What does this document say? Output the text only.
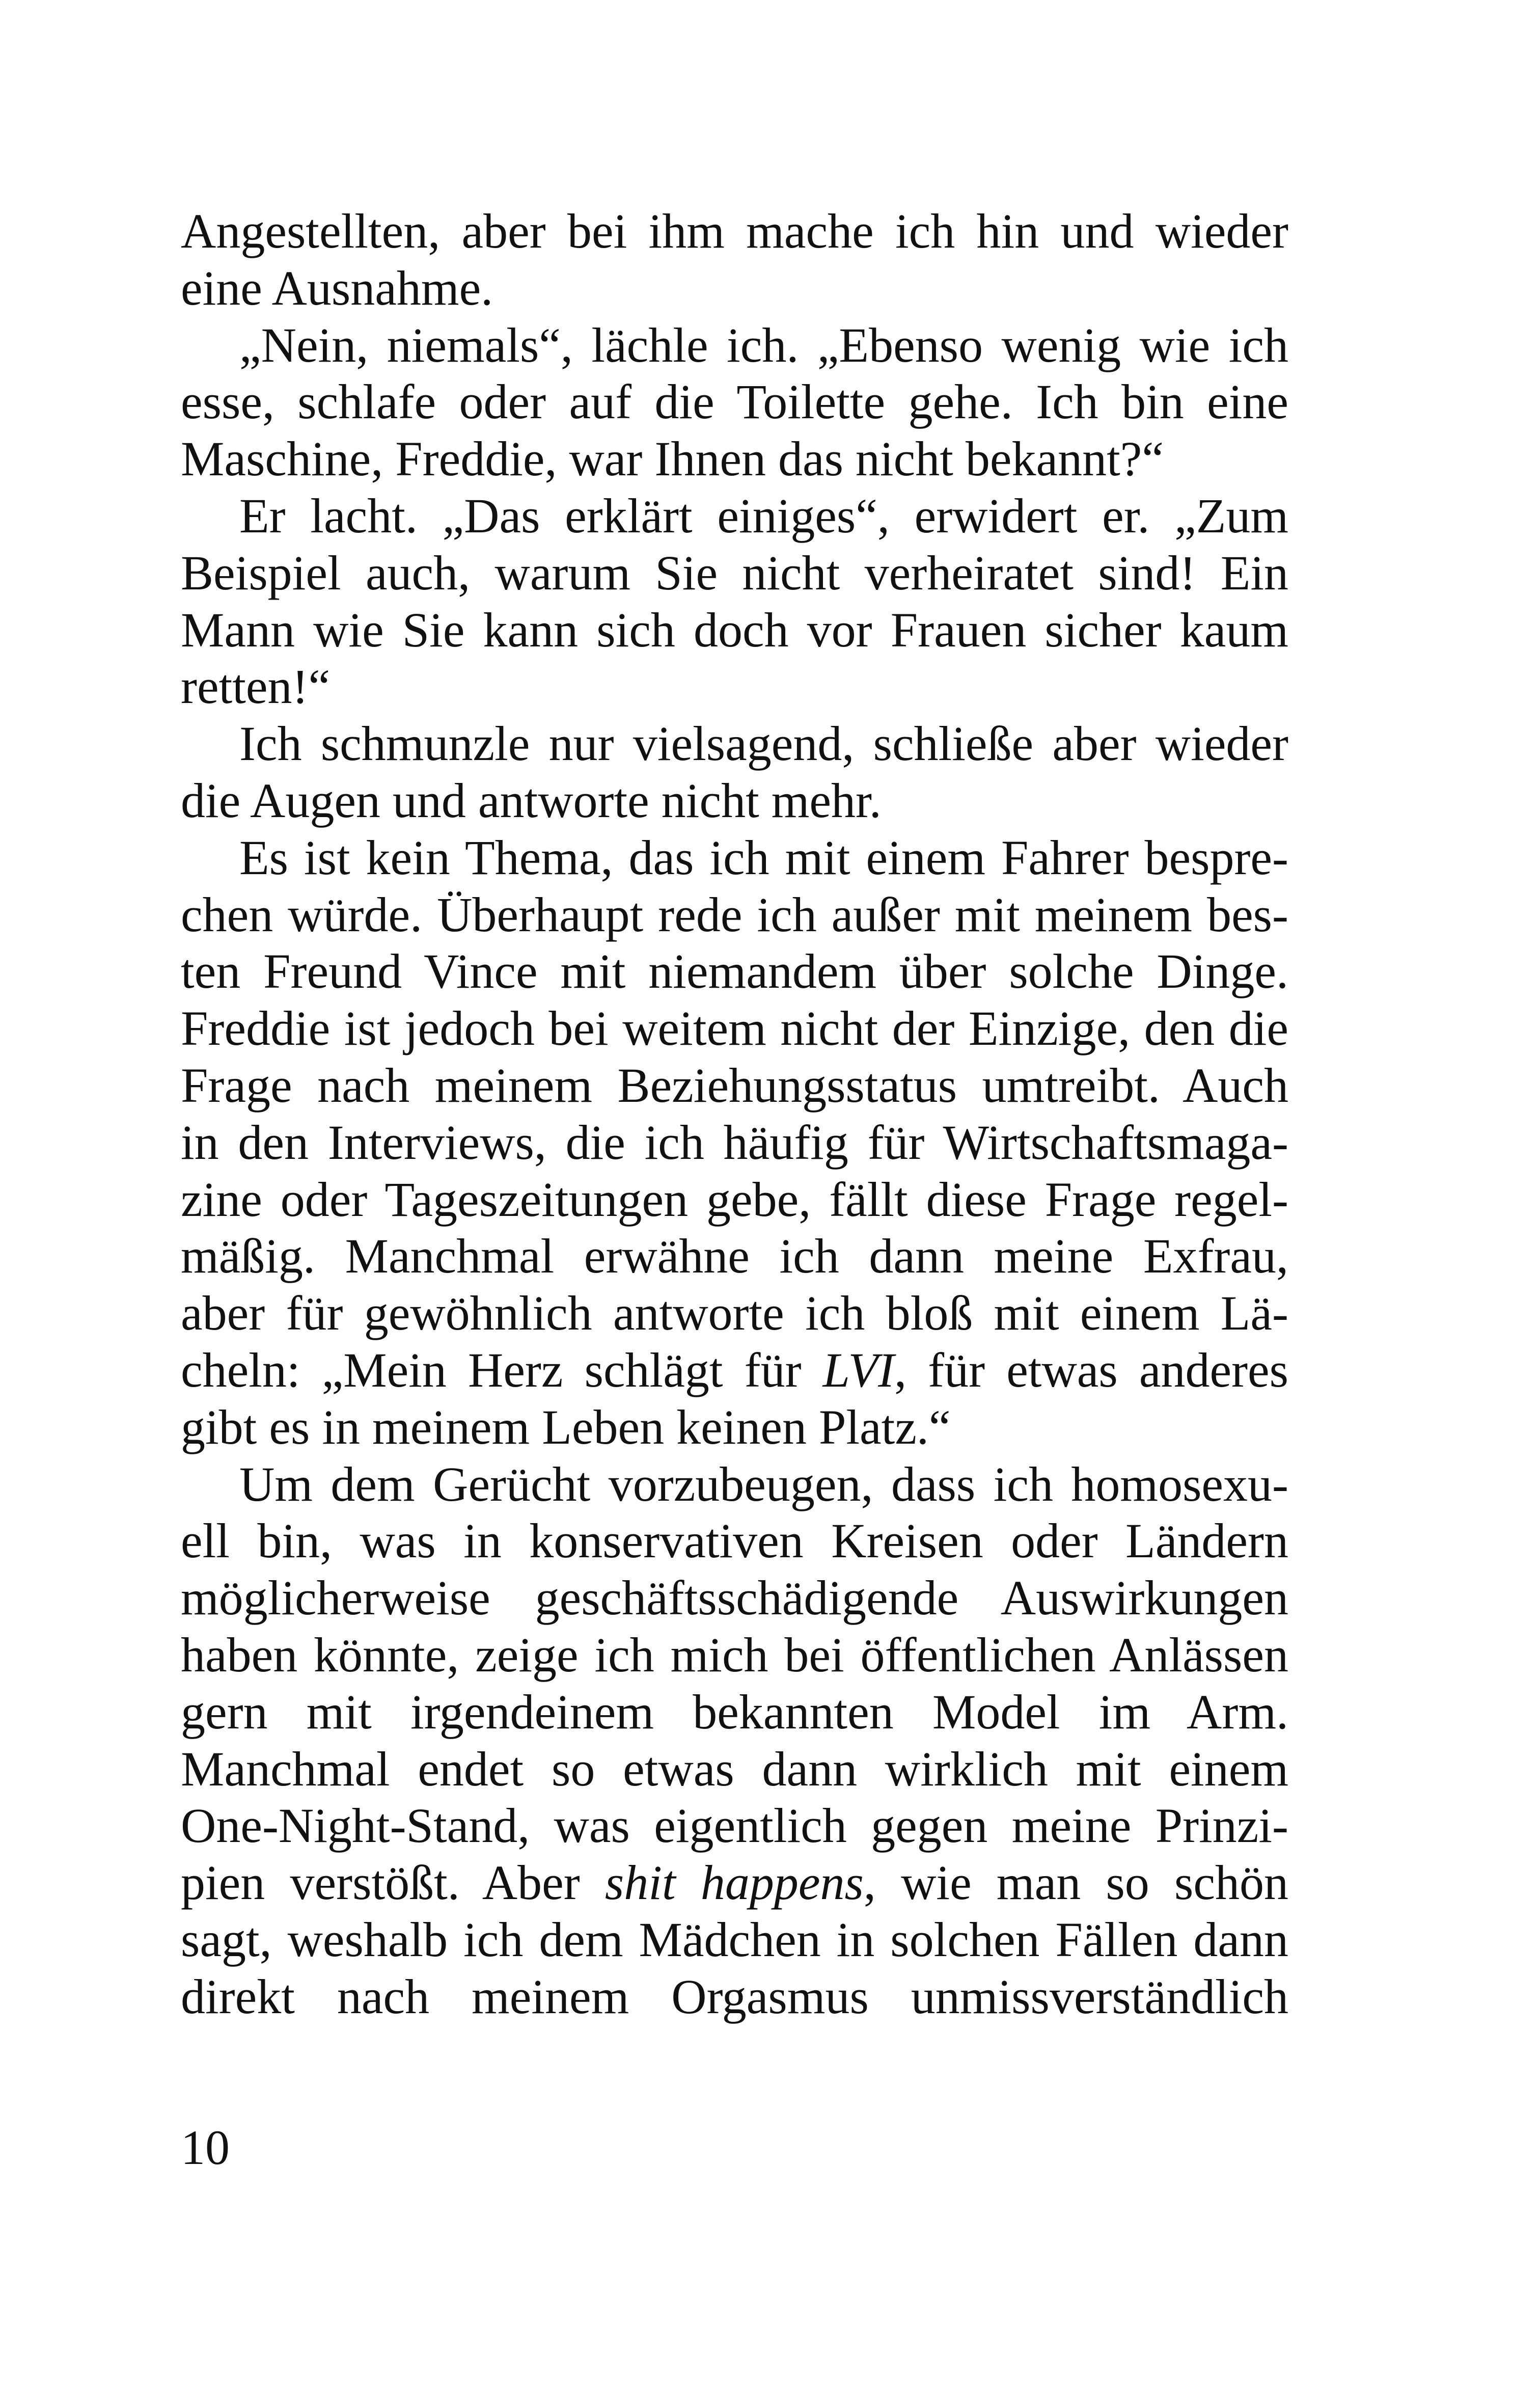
Angestellten, aber bei ihm mache ich hin und wieder
eine Ausnahme.
„Nein, niemals“, lächle ich. „Ebenso wenig wie ich
esse, schlafe oder auf die Toilette gehe. Ich bin eine
Maschine, Freddie, war Ihnen das nicht bekannt?“
Er lacht. „Das erklärt einiges“, erwidert er. „Zum
Beispiel auch, warum Sie nicht verheiratet sind! Ein
Mann wie Sie kann sich doch vor Frauen sicher kaum
retten!“
Ich schmunzle nur vielsagend, schließe aber wieder
die Augen und antworte nicht mehr.
Es ist kein Thema, das ich mit einem Fahrer bespre-
chen würde. Überhaupt rede ich außer mit meinem bes-
ten Freund Vince mit niemandem über solche Dinge.
Freddie ist jedoch bei weitem nicht der Einzige, den die
Frage nach meinem Beziehungsstatus umtreibt. Auch
in den Interviews, die ich häufig für Wirtschaftsmaga-
zine oder Tageszeitungen gebe, fällt diese Frage regel-
mäßig. Manchmal erwähne ich dann meine Exfrau,
aber für gewöhnlich antworte ich bloß mit einem Lä-
cheln: „Mein Herz schlägt für LVI, für etwas anderes
gibt es in meinem Leben keinen Platz.“
Um dem Gerücht vorzubeugen, dass ich homosexu-
ell bin, was in konservativen Kreisen oder Ländern
möglicherweise geschäftsschädigende Auswirkungen
haben könnte, zeige ich mich bei öffentlichen Anlässen
gern mit irgendeinem bekannten Model im Arm.
Manchmal endet so etwas dann wirklich mit einem
One-Night-Stand, was eigentlich gegen meine Prinzi-
pien verstößt. Aber shit happens, wie man so schön
sagt, weshalb ich dem Mädchen in solchen Fällen dann
direkt nach meinem Orgasmus unmissverständlich
10
